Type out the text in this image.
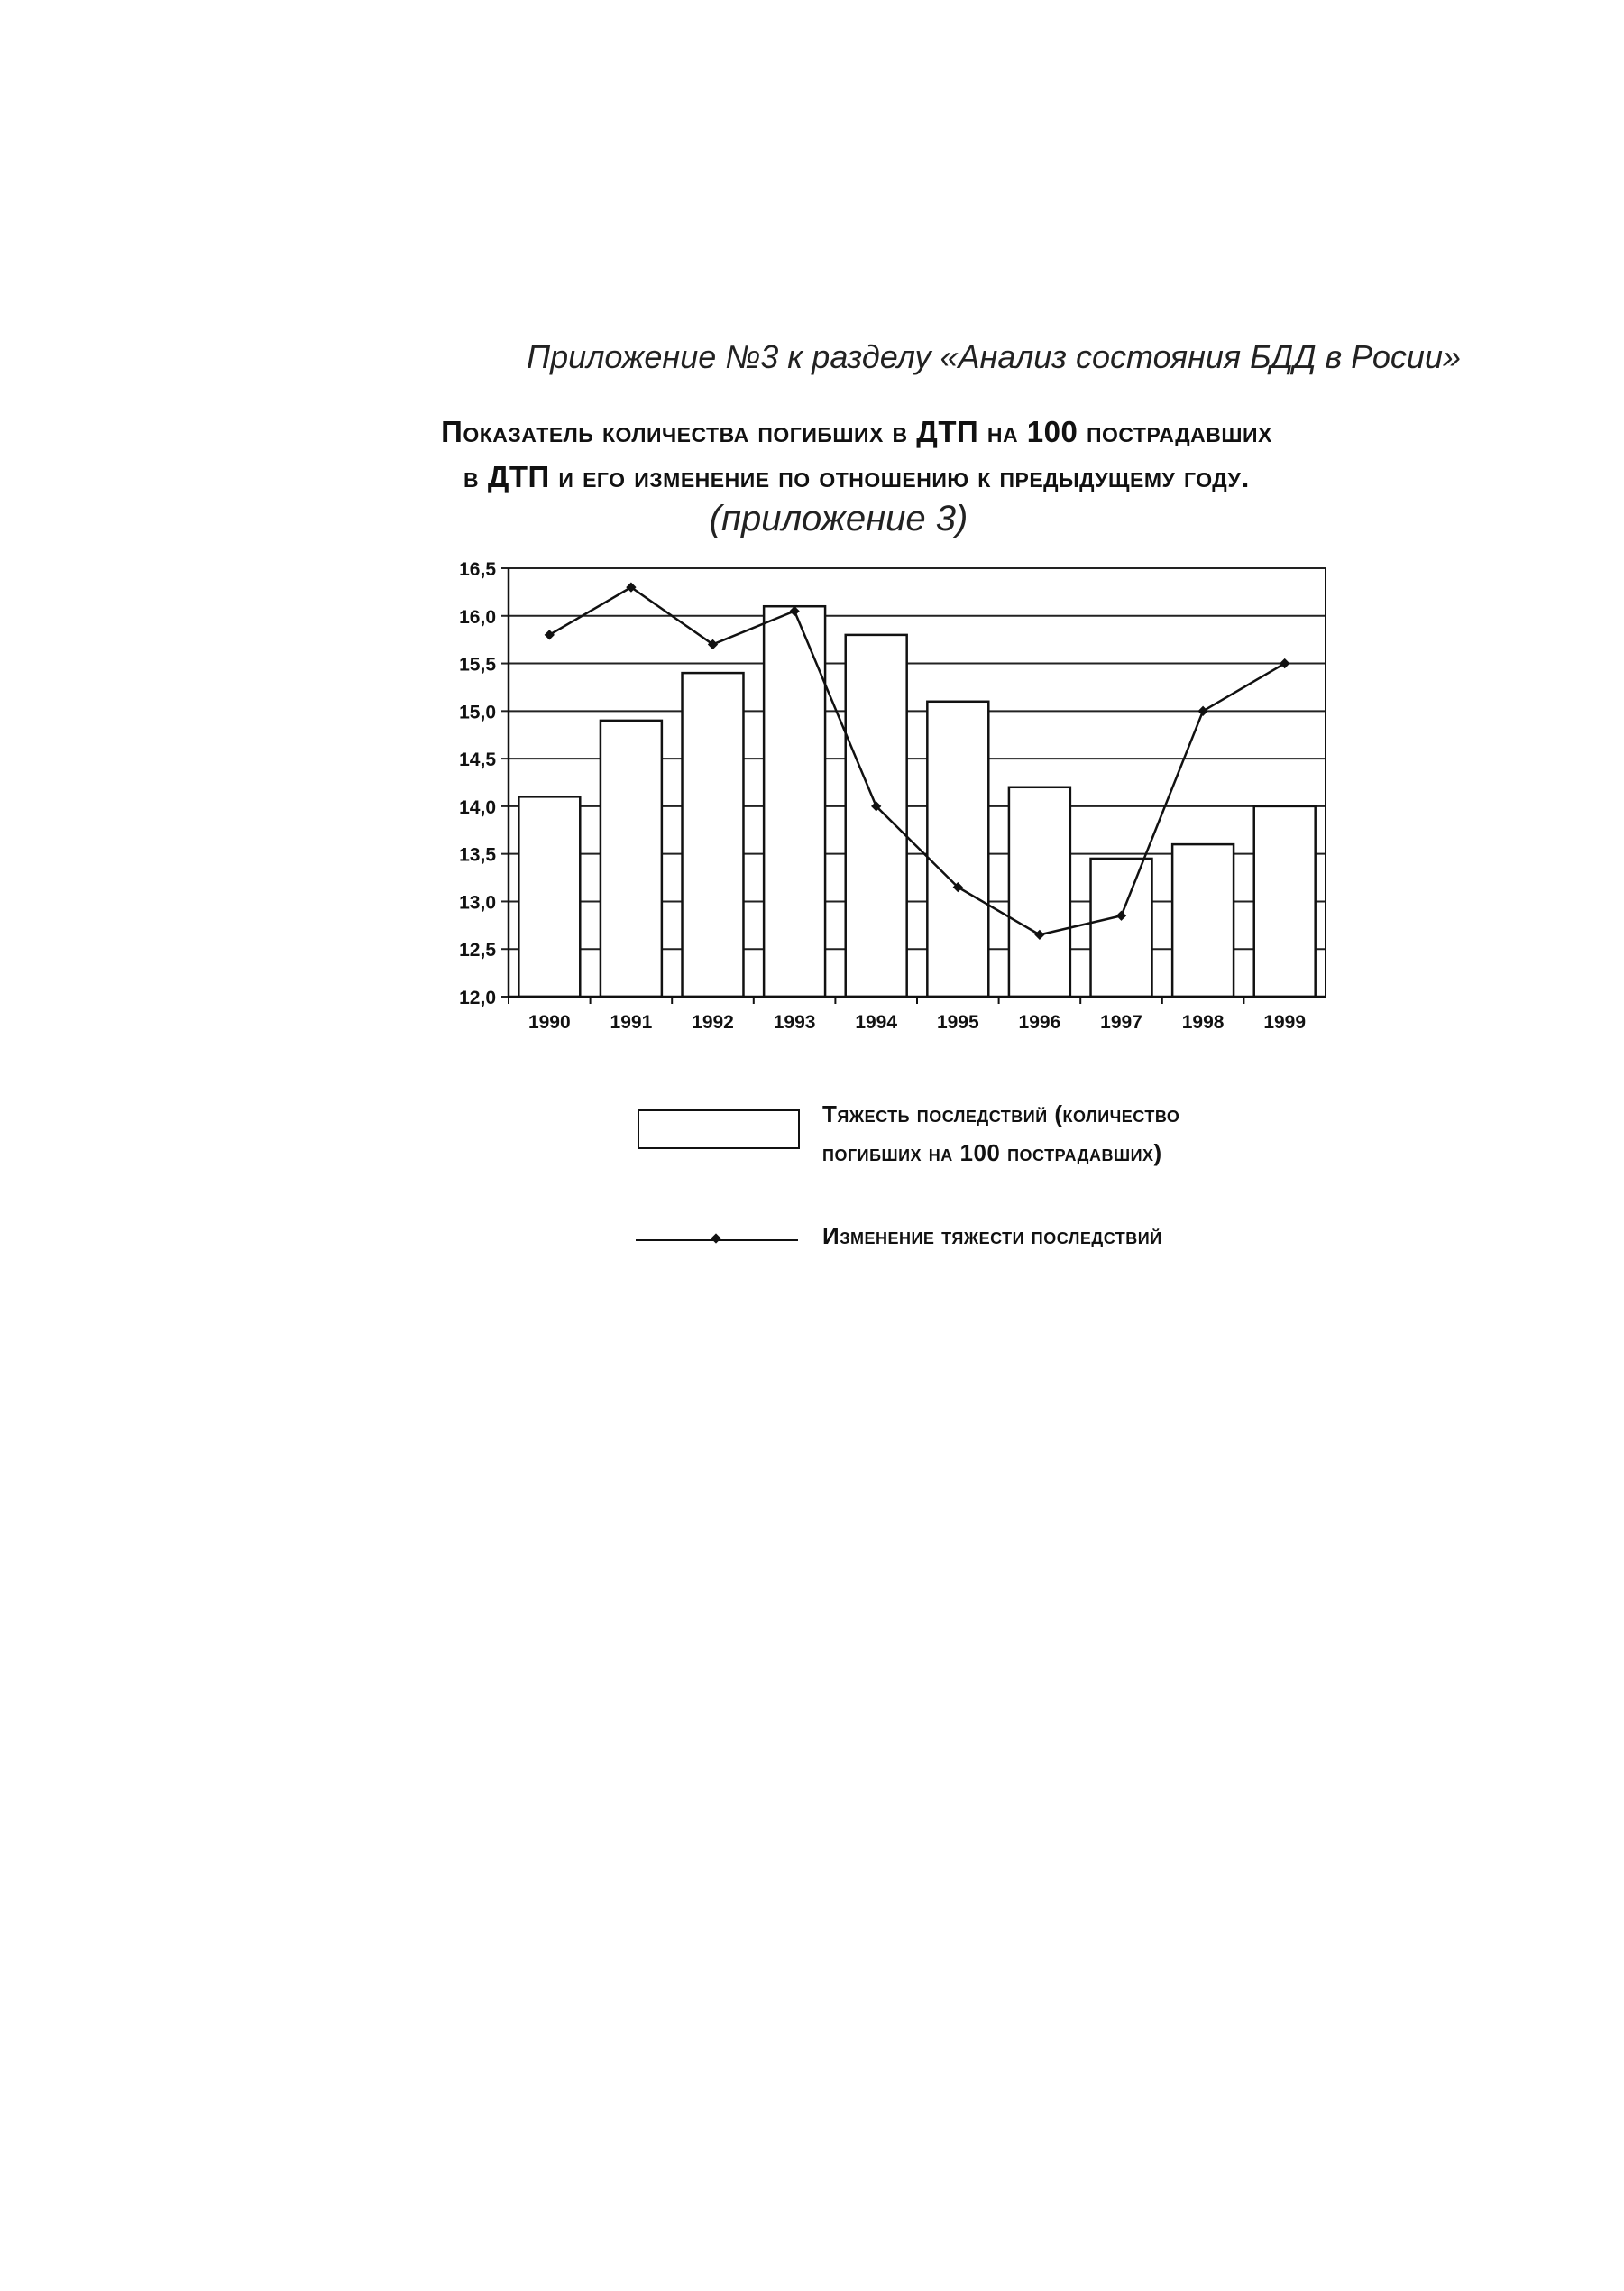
Приложение №3 к разделу «Анализ состояния БДД в Росии»
Показатель количества погибших в ДТП на 100 пострадавших
в ДТП и его изменение по отношению к предыдущему году.
(приложение 3)
12,0
12,5
13,0
13,5
14,0
14,5
15,0
15,5
16,0
16,5
1990 1991 1992 1993 1994 1995 1996 1997 1998 1999
Тяжесть последствий (количество
погибших на 100 пострадавших)
Изменение тяжести последствий
